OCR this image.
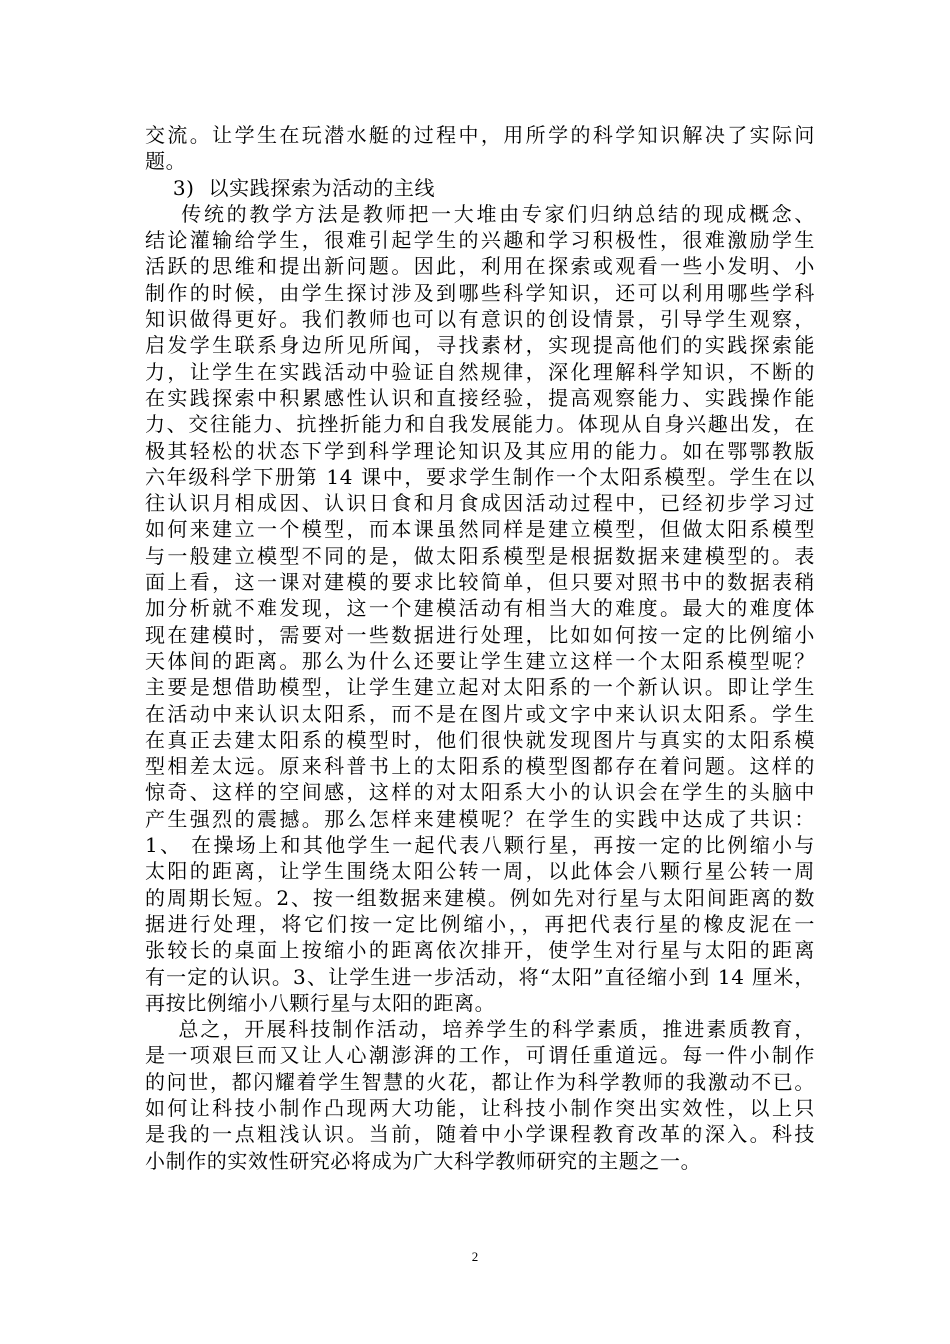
交流。让学生在玩潜水艇的过程中，用所学的科学知识解决了实际问
题。
3)  以实践探索为活动的主线
传统的教学方法是教师把一大堆由专家们归纳总结的现成概念、
结论灌输给学生，很难引起学生的兴趣和学习积极性，很难激励学生
活跃的思维和提出新问题。因此，利用在探索或观看一些小发明、小
制作的时候，由学生探讨涉及到哪些科学知识，还可以利用哪些学科
知识做得更好。我们教师也可以有意识的创设情景，引导学生观察，
启发学生联系身边所见所闻，寻找素材，实现提高他们的实践探索能
力，让学生在实践活动中验证自然规律，深化理解科学知识，不断的
在实践探索中积累感性认识和直接经验，提高观察能力、实践操作能
力、交往能力、抗挫折能力和自我发展能力。体现从自身兴趣出发，在
极其轻松的状态下学到科学理论知识及其应用的能力。如在鄂鄂教版
六年级科学下册第 14 课中，要求学生制作一个太阳系模型。学生在以
往认识月相成因、认识日食和月食成因活动过程中，已经初步学习过
如何来建立一个模型，而本课虽然同样是建立模型，但做太阳系模型
与一般建立模型不同的是，做太阳系模型是根据数据来建模型的。表
面上看，这一课对建模的要求比较简单，但只要对照书中的数据表稍
加分析就不难发现，这一个建模活动有相当大的难度。最大的难度体
现在建模时，需要对一些数据进行处理，比如如何按一定的比例缩小
天体间的距离。那么为什么还要让学生建立这样一个太阳系模型呢？
主要是想借助模型，让学生建立起对太阳系的一个新认识。即让学生
在活动中来认识太阳系，而不是在图片或文字中来认识太阳系。学生
在真正去建太阳系的模型时，他们很快就发现图片与真实的太阳系模
型相差太远。原来科普书上的太阳系的模型图都存在着问题。这样的
惊奇、这样的空间感，这样的对太阳系大小的认识会在学生的头脑中
产生强烈的震撼。那么怎样来建模呢？在学生的实践中达成了共识：
1、 在操场上和其他学生一起代表八颗行星，再按一定的比例缩小与
太阳的距离，让学生围绕太阳公转一周，以此体会八颗行星公转一周
的周期长短。2、按一组数据来建模。例如先对行星与太阳间距离的数
据进行处理，将它们按一定比例缩小，，再把代表行星的橡皮泥在一
张较长的桌面上按缩小的距离依次排开，使学生对行星与太阳的距离
有一定的认识。3、让学生进一步活动，将“太阳”直径缩小到 14 厘米，
再按比例缩小八颗行星与太阳的距离。
总之，开展科技制作活动，培养学生的科学素质，推进素质教育，
是一项艰巨而又让人心潮澎湃的工作，可谓任重道远。每一件小制作
的问世，都闪耀着学生智慧的火花，都让作为科学教师的我激动不已。
如何让科技小制作凸现两大功能，让科技小制作突出实效性，以上只
是我的一点粗浅认识。当前，随着中小学课程教育改革的深入。科技
小制作的实效性研究必将成为广大科学教师研究的主题之一。
2
